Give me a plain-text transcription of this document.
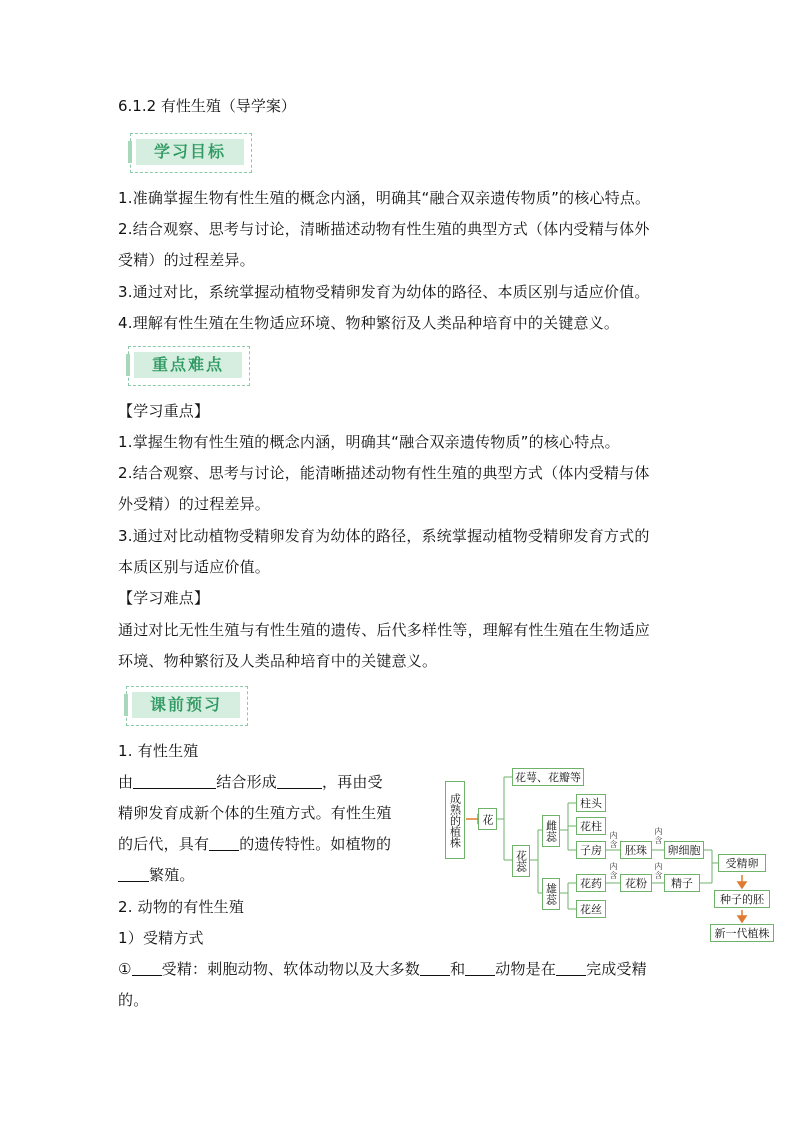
6.1.2 有性生殖（导学案）
学习目标
1.准确掌握生物有性生殖的概念内涵，明确其“融合双亲遗传物质”的核心特点。
2.结合观察、思考与讨论，清晰描述动物有性生殖的典型方式（体内受精与体外
受精）的过程差异。
3.通过对比，系统掌握动植物受精卵发育为幼体的路径、本质区别与适应价值。
4.理解有性生殖在生物适应环境、物种繁衍及人类品种培育中的关键意义。
重点难点
【学习重点】
1.掌握生物有性生殖的概念内涵，明确其“融合双亲遗传物质”的核心特点。
2.结合观察、思考与讨论，能清晰描述动物有性生殖的典型方式（体内受精与体
外受精）的过程差异。
3.通过对比动植物受精卵发育为幼体的路径，系统掌握动植物受精卵发育方式的
本质区别与适应价值。
【学习难点】
通过对比无性生殖与有性生殖的遗传、后代多样性等，理解有性生殖在生物适应
环境、物种繁衍及人类品种培育中的关键意义。
课前预习
1. 有性生殖
由	结合形成	，再由受
精卵发育成新个体的生殖方式。有性生殖
的后代，具有 的遗传特性。如植物的
繁殖。
2. 动物的有性生殖
1）受精方式
① 受精：刺胞动物、软体动物以及大多数 和 动物是在 完成受精
的。
成熟的植株	花
花萼、花瓣等
花蕊
雌蕊
雄蕊
柱头
花柱
子房	胚珠	卵细胞
花药	花粉	精子
花丝
受精卵
种子的胚
新一代植株
内含
内含
内含
内含
